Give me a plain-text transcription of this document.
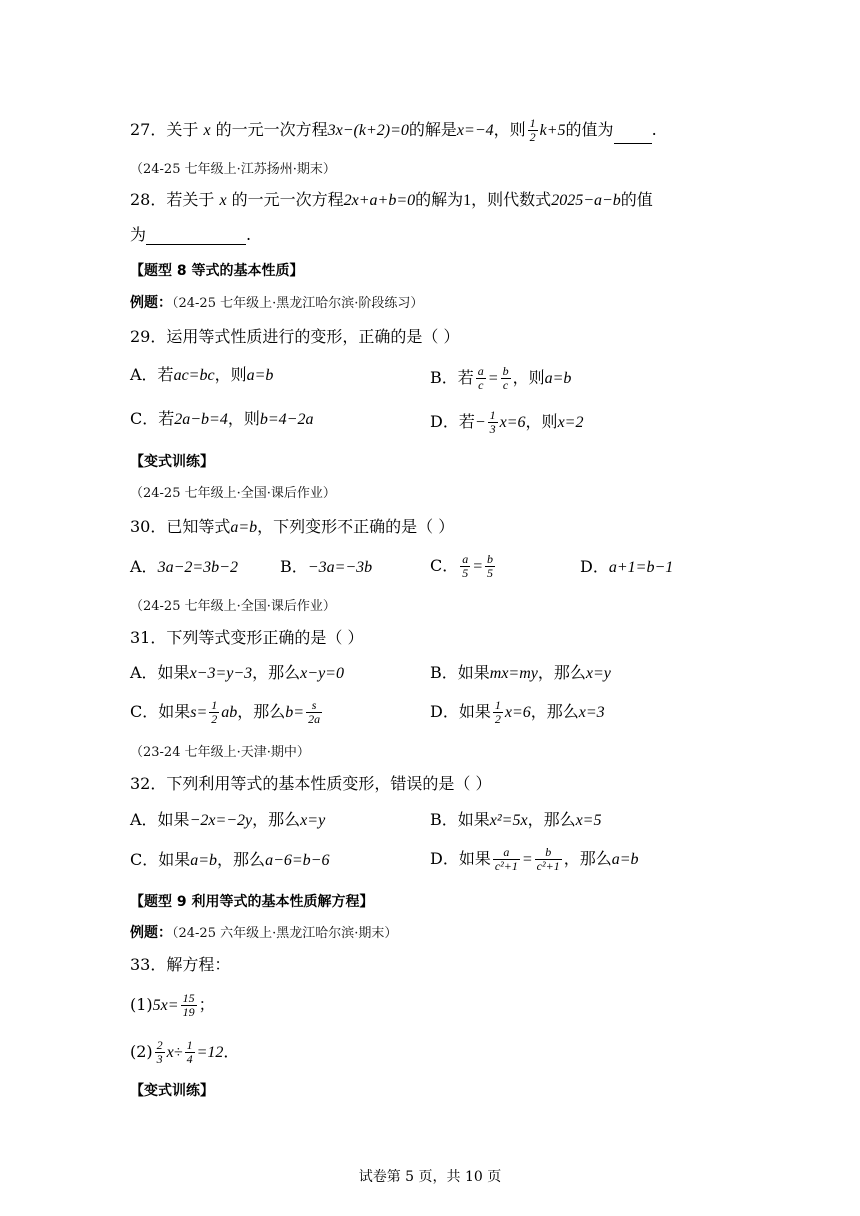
27．关于 x 的一元一次方程3x−(k+2)=0的解是x=−4，则 $\frac{1}{2} k+5$的值为 .
（24-25 七年级上·江苏扬州·期末）
28．若关于 x 的一元一次方程2x+a+b=0的解为1，则代数式2025−a−b的值
为	.
【题型 8 等式的基本性质】
例题：（24-25 七年级上·黑龙江哈尔滨·阶段练习）
29．运用等式性质进行的变形，正确的是（ ）
A．若ac=bc，则a=b	B．若 $\frac{a}{c} = \frac{b}{c}$ ，则a=b
C．若2a−b=4，则b=4−2a	D．若− $\frac{1}{3} x=6$，则x=2
【变式训练】
（24-25 七年级上·全国·课后作业）
30．已知等式a=b，下列变形不正确的是（ ）
A．3a−2=3b−2	B．−3a=−3b	C． $\frac{a}{5} = \frac{b}{5}$	D．a+1=b−1
（24-25 七年级上·全国·课后作业）
31．下列等式变形正确的是（ ）
A．如果x−3=y−3，那么x−y=0	B．如果mx=my，那么x=y
C．如果$s= \frac{1}{2}$ ab，那么$b= \frac{s}{2a}$	D．如果 $\frac{1}{2} x=6$，那么x=3
（23-24 七年级上·天津·期中）
32．下列利用等式的基本性质变形，错误的是（ ）
A．如果−2x=−2y，那么x=y	B．如果x²=5x，那么x=5
C．如果a=b，那么a−6=b−6	D．如果 $\frac{a}{\text{c²+1}} = \frac{b}{\text{c²+1}}$ ，那么a=b
【题型 9 利用等式的基本性质解方程】
例题：（24-25 六年级上·黑龙江哈尔滨·期末）
33．解方程：
$(1)5x= \frac{15}{19}$ ；
$(2) \frac{2}{3} x\div \frac{1}{4} =12$．
【变式训练】
试卷第 5 页，共 10 页
